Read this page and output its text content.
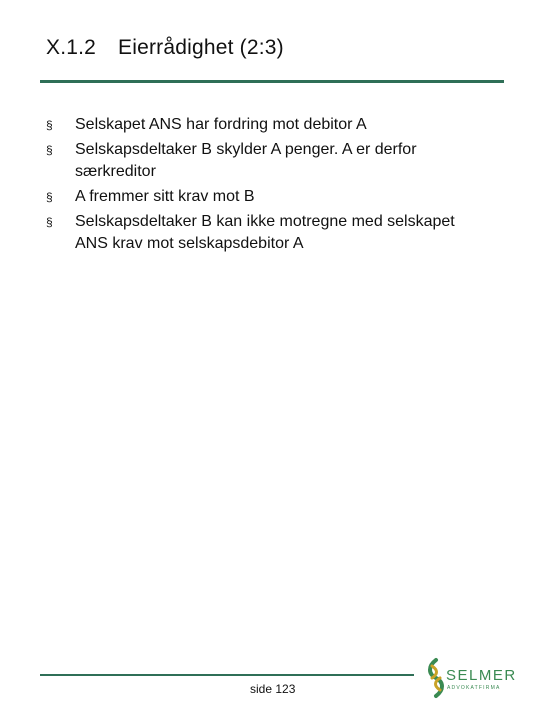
X.1.2 Eierrådighet (2:3)
§ Selskapet ANS har fordring mot debitor A
§ Selskapsdeltaker B skylder A penger. A er derfor særkreditor
§ A fremmer sitt krav mot B
§ Selskapsdeltaker B kan ikke motregne med selskapet ANS krav mot selskapsdebitor A
side 123
SELMER
ADVOKATFIRMA
